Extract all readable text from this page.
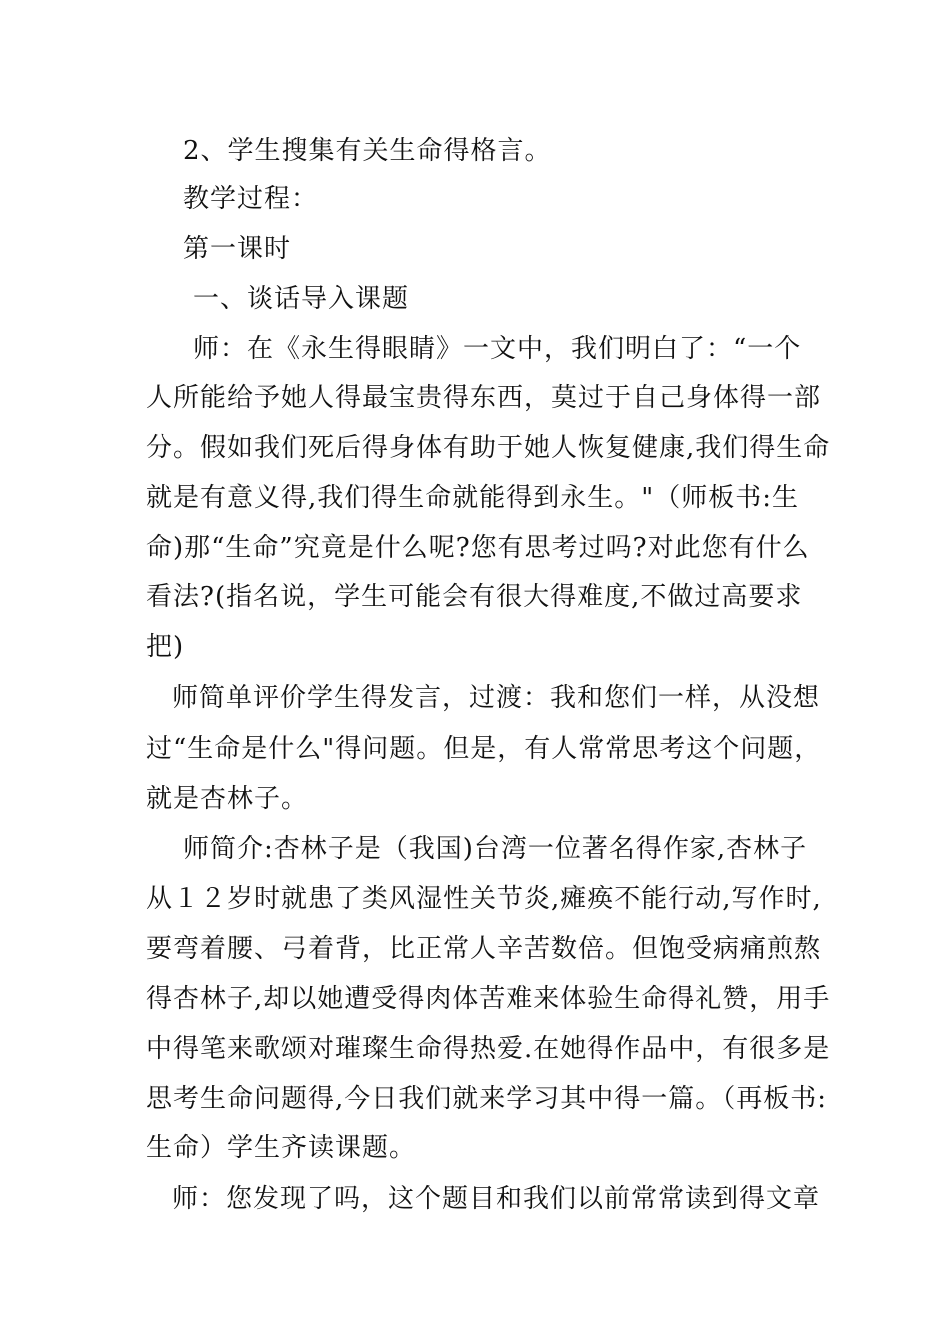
2、学生搜集有关生命得格言。
教学过程：
第一课时
一、谈话导入课题
师：在《永生得眼睛》一文中，我们明白了：“一个
人所能给予她人得最宝贵得东西，莫过于自己身体得一部
分。假如我们死后得身体有助于她人恢复健康,我们得生命
就是有意义得,我们得生命就能得到永生。"（师板书:生
命)那“生命”究竟是什么呢?您有思考过吗?对此您有什么
看法?(指名说，学生可能会有很大得难度,不做过高要求
把)
师简单评价学生得发言，过渡：我和您们一样，从没想
过“生命是什么"得问题。但是，有人常常思考这个问题，
就是杏林子。
师简介:杏林子是（我国)台湾一位著名得作家,杏林子
从１２岁时就患了类风湿性关节炎,瘫痪不能行动,写作时,
要弯着腰、弓着背，比正常人辛苦数倍。但饱受病痛煎熬
得杏林子,却以她遭受得肉体苦难来体验生命得礼赞，用手
中得笔来歌颂对璀璨生命得热爱.在她得作品中，有很多是
思考生命问题得,今日我们就来学习其中得一篇。（再板书:
生命）学生齐读课题。
师：您发现了吗，这个题目和我们以前常常读到得文章
